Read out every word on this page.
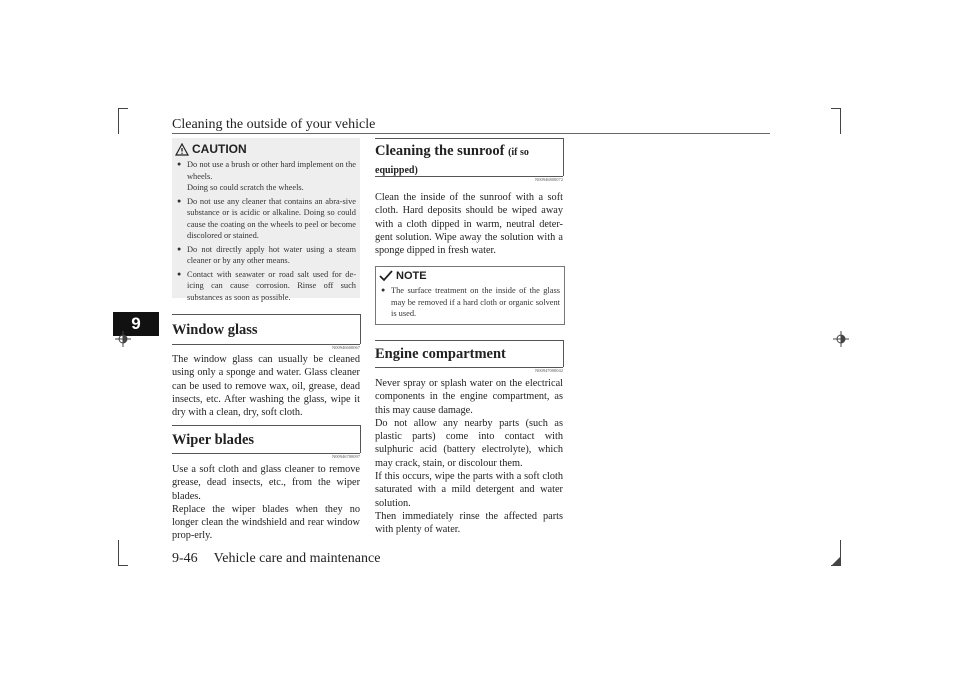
Cleaning the outside of your vehicle
9-46 Vehicle care and maintenance
9
CAUTION
● Do not use a brush or other hard implement on the wheels.
Doing so could scratch the wheels.
● Do not use any cleaner that contains an abra-sive substance or is acidic or alkaline. Doing so could cause the coating on the wheels to peel or become discolored or stained.
● Do not directly apply hot water using a steam cleaner or by any other means.
● Contact with seawater or road salt used for de-icing can cause corrosion. Rinse off such substances as soon as possible.
Window glass
N00946600067
The window glass can usually be cleaned using only a sponge and water. Glass cleaner can be used to remove wax, oil, grease, dead insects, etc. After washing the glass, wipe it dry with a clean, dry, soft cloth.
Wiper blades
N00946700097
Use a soft cloth and glass cleaner to remove grease, dead insects, etc., from the wiper blades.
Replace the wiper blades when they no longer clean the windshield and rear window prop-erly.
Cleaning the sunroof (if so
equipped)
N00946800072
Clean the inside of the sunroof with a soft cloth. Hard deposits should be wiped away with a cloth dipped in warm, neutral deter-gent solution. Wipe away the solution with a sponge dipped in fresh water.
NOTE
● The surface treatment on the inside of the glass may be removed if a hard cloth or organic solvent is used.
Engine compartment
N00947000042
Never spray or splash water on the electrical components in the engine compartment, as this may cause damage.
Do not allow any nearby parts (such as plastic parts) come into contact with sulphuric acid (battery electrolyte), which may crack, stain, or discolour them.
If this occurs, wipe the parts with a soft cloth saturated with a mild detergent and water solution.
Then immediately rinse the affected parts with plenty of water.
